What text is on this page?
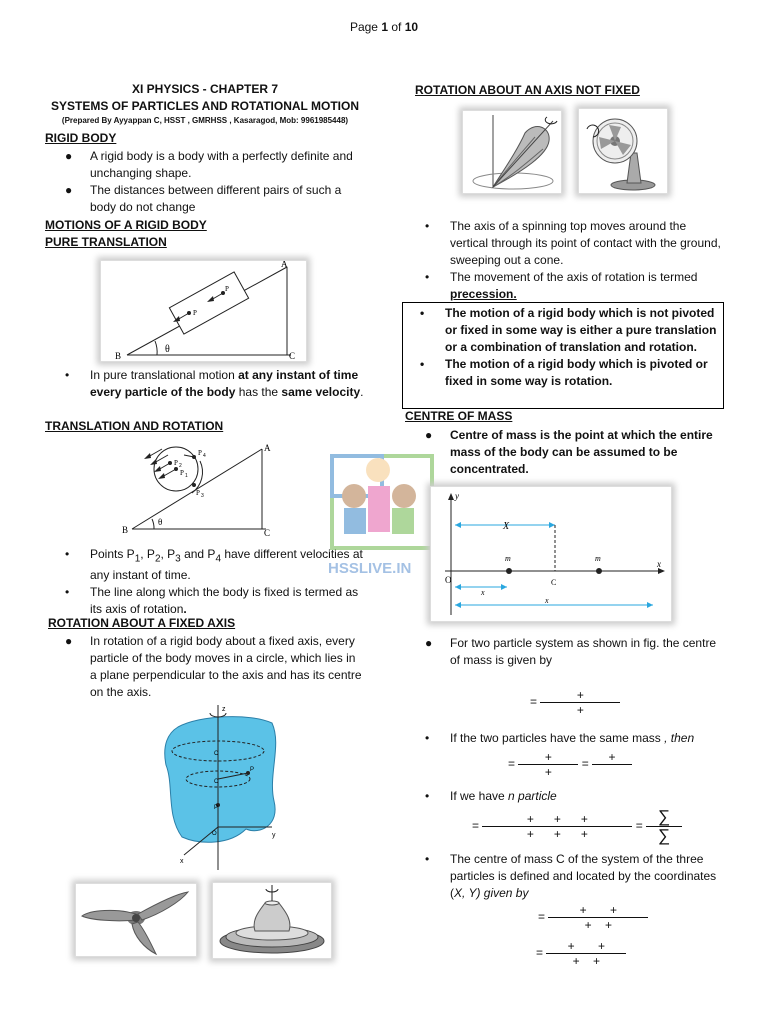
Page 1 of 10
XI PHYSICS - CHAPTER 7
SYSTEMS OF PARTICLES AND ROTATIONAL MOTION
(Prepared By Ayyappan C, HSST , GMRHSS , Kasaragod, Mob: 9961985448)
RIGID BODY
● A rigid body is a body with a perfectly definite and unchanging shape.
● The distances between different pairs of such a body do not change
MOTIONS OF A RIGID BODY
PURE TRANSLATION
A
B	C
θ
P
P
• In pure translational motion at any instant of time every particle of the body has the same velocity.
TRANSLATION AND ROTATION
P 4
P 2
P 1
P 3
A
B	C
θ
• Points $P_1$, $P_2$, $P_3$ and $P_4$ have different velocities at any instant of time.
• The line along which the body is fixed is termed as its axis of rotation.
ROTATION ABOUT A FIXED AXIS
● In rotation of a rigid body about a fixed axis, every particle of the body moves in a circle, which lies in a plane perpendicular to the axis and has its centre on the axis.
z
y
x
C
C
P
P
O
HSSLIVE.IN
ROTATION ABOUT AN AXIS NOT FIXED
• The axis of a spinning top moves around the vertical through its point of contact with the ground, sweeping out a cone.
• The movement of the axis of rotation is termed precession.
• The motion of a rigid body which is not pivoted or fixed in some way is either a pure translation or a combination of translation and rotation.
• The motion of a rigid body which is pivoted or fixed in some way is rotation.
CENTRE OF MASS
● Centre of mass is the point at which the entire mass of the body can be assumed to be concentrated.
y
x
O
X
m	m
C
x
x
● For two particle system as shown in fig. the centre of mass is given by
= $\frac{+}{+}$
• If the two particles have the same mass , then
= $\frac{+}{+}$ =	+

• If we have n particle
= $\frac{+ + +}{+ + +} = \frac{\sum}{\sum}$
• The centre of mass C of the system of the three particles is defined and located by the coordinates (X, Y) given by
= $\frac{+ +}{+ +}$
= $\frac{+ +}{+ +}$
